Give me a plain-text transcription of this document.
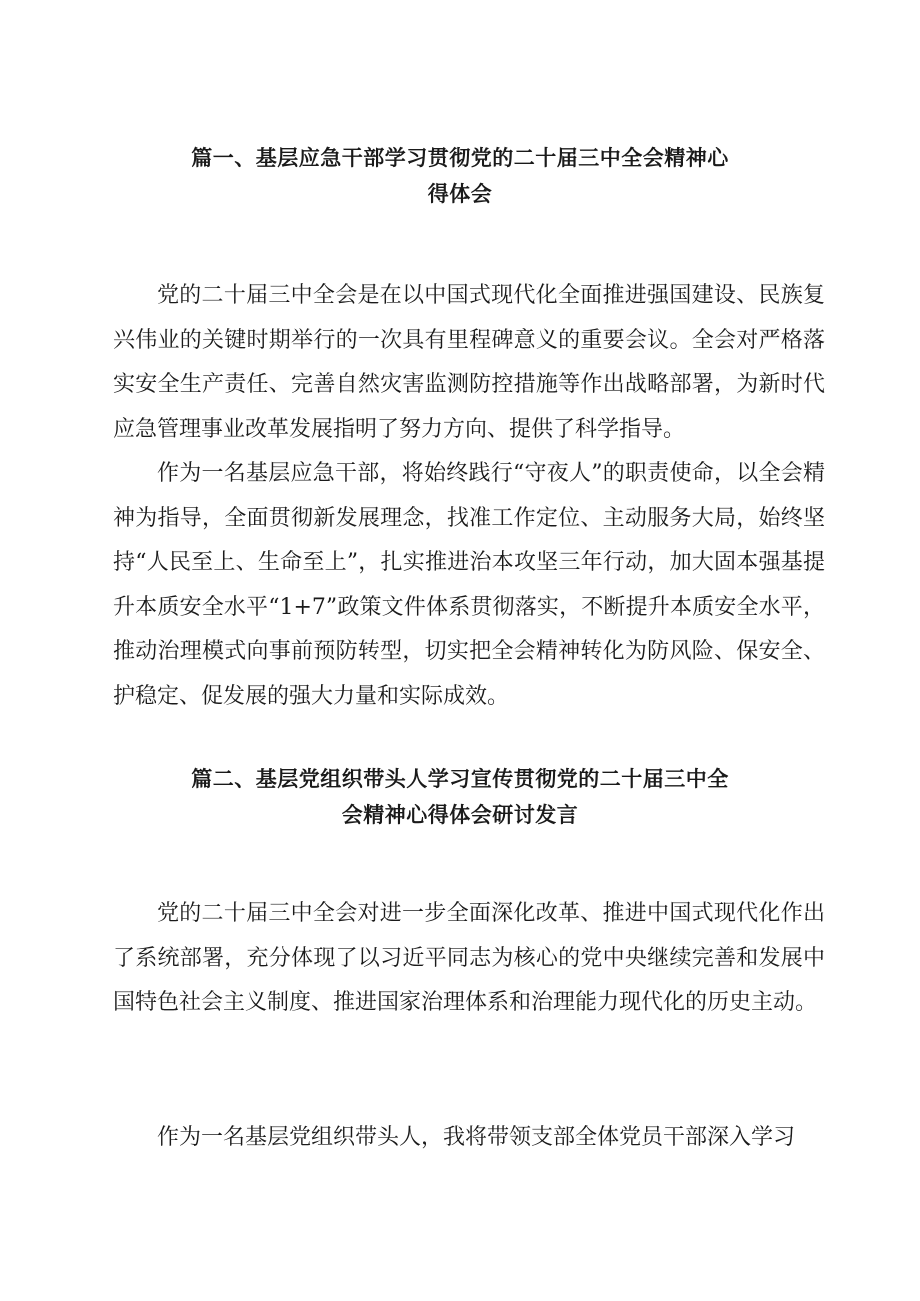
篇一、基层应急干部学习贯彻党的二十届三中全会精神心
得体会

党的二十届三中全会是在以中国式现代化全面推进强国建设、民族复兴伟业的关键时期举行的一次具有里程碑意义的重要会议。全会对严格落实安全生产责任、完善自然灾害监测防控措施等作出战略部署，为新时代应急管理事业改革发展指明了努力方向、提供了科学指导。

作为一名基层应急干部，将始终践行“守夜人”的职责使命，以全会精神为指导，全面贯彻新发展理念，找准工作定位、主动服务大局，始终坚持“人民至上、生命至上”，扎实推进治本攻坚三年行动，加大固本强基提升本质安全水平“1+7”政策文件体系贯彻落实，不断提升本质安全水平，推动治理模式向事前预防转型，切实把全会精神转化为防风险、保安全、护稳定、促发展的强大力量和实际成效。

篇二、基层党组织带头人学习宣传贯彻党的二十届三中全
会精神心得体会研讨发言

党的二十届三中全会对进一步全面深化改革、推进中国式现代化作出了系统部署，充分体现了以习近平同志为核心的党中央继续完善和发展中国特色社会主义制度、推进国家治理体系和治理能力现代化的历史主动。

作为一名基层党组织带头人，我将带领支部全体党员干部深入学习
